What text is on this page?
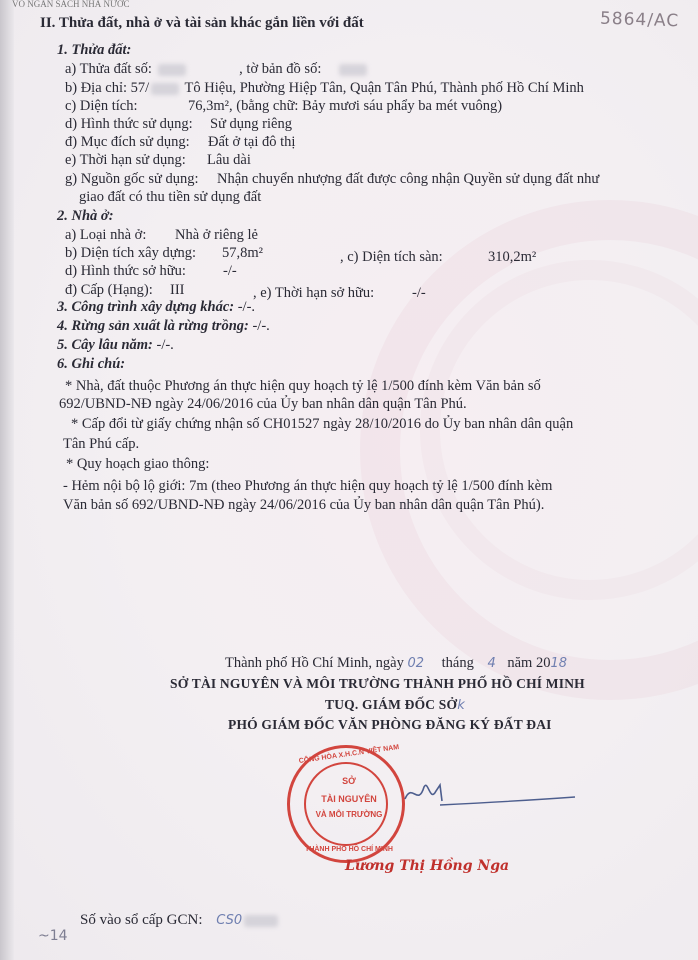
VO NGÂN SÁCH NHÀ NƯỚC
5864/AC
II. Thửa đất, nhà ở và tài sản khác gắn liền với đất
1. Thửa đất:
a) Thửa đất số:	, tờ bản đồ số:
b) Địa chỉ: 57/ Tô Hiệu, Phường Hiệp Tân, Quận Tân Phú, Thành phố Hồ Chí Minh
c) Diện tích:	76,3m², (bằng chữ: Bảy mươi sáu phẩy ba mét vuông)
d) Hình thức sử dụng: Sử dụng riêng
đ) Mục đích sử dụng: Đất ở tại đô thị
e) Thời hạn sử dụng: Lâu dài
g) Nguồn gốc sử dụng: Nhận chuyển nhượng đất được công nhận Quyền sử dụng đất như
giao đất có thu tiền sử dụng đất
2. Nhà ở:
a) Loại nhà ở: Nhà ở riêng lẻ
b) Diện tích xây dựng: 57,8m²	, c) Diện tích sàn:	310,2m²
d) Hình thức sở hữu:	-/-
đ) Cấp (Hạng): III	, e) Thời hạn sở hữu:	-/-
3. Công trình xây dựng khác: -/-.
4. Rừng sản xuất là rừng trồng: -/-.
5. Cây lâu năm: -/-.
6. Ghi chú:
* Nhà, đất thuộc Phương án thực hiện quy hoạch tỷ lệ 1/500 đính kèm Văn bản số
692/UBND-NĐ ngày 24/06/2016 của Ủy ban nhân dân quận Tân Phú.
* Cấp đổi từ giấy chứng nhận số CH01527 ngày 28/10/2016 do Ủy ban nhân dân quận
Tân Phú cấp.
* Quy hoạch giao thông:
- Hẻm nội bộ lộ giới: 7m (theo Phương án thực hiện quy hoạch tỷ lệ 1/500 đính kèm
Văn bản số 692/UBND-NĐ ngày 24/06/2016 của Ủy ban nhân dân quận Tân Phú).
Thành phố Hồ Chí Minh, ngày 02 tháng 4 năm 2018
SỞ TÀI NGUYÊN VÀ MÔI TRƯỜNG THÀNH PHỐ HỒ CHÍ MINH
TUQ. GIÁM ĐỐC SỞk
PHÓ GIÁM ĐỐC VĂN PHÒNG ĐĂNG KÝ ĐẤT ĐAI
CỘNG HÒA X.H.C.N VIỆT NAM
SỞ
TÀI NGUYÊN
VÀ MÔI TRƯỜNG
THÀNH PHỐ HỒ CHÍ MINH
Lương Thị Hồng Nga
Số vào sổ cấp GCN: CS0
~14
